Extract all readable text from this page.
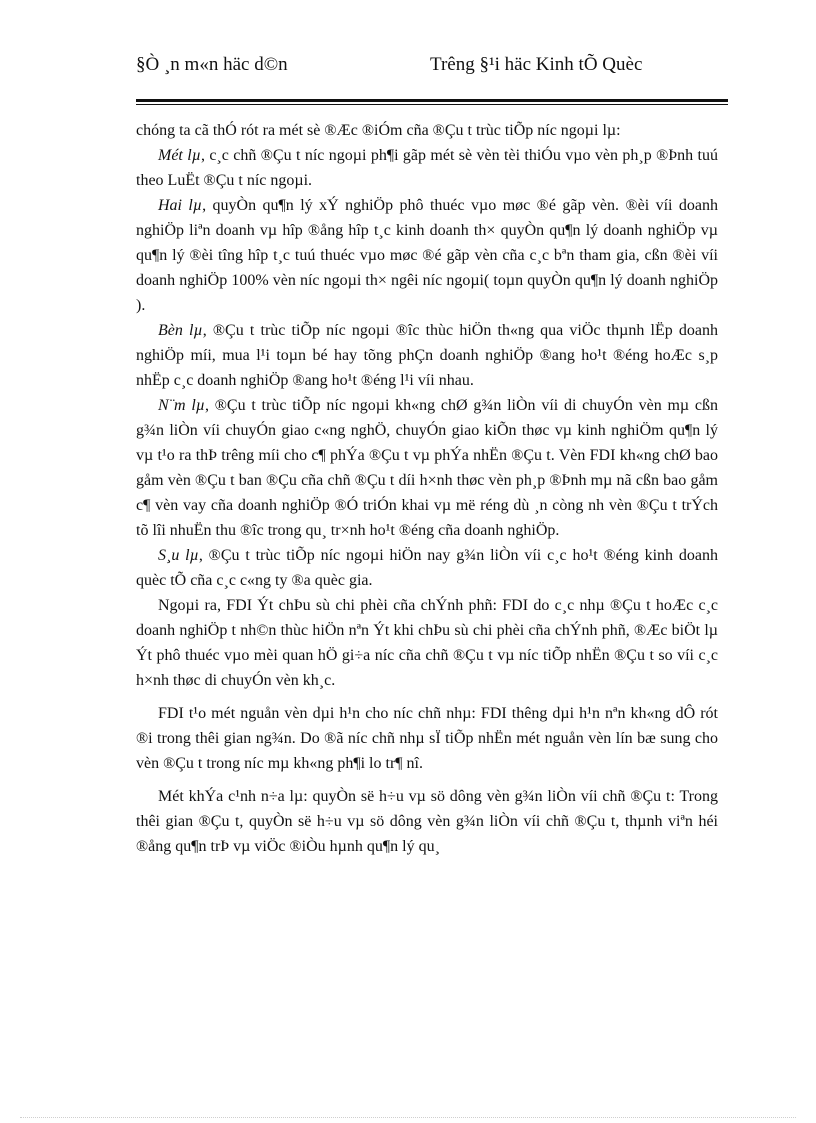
§Ò ¸n m«n häc d©n	Trêng §¹i häc Kinh tÕ Quèc

chóng ta cã thÓ rót ra mét sè ®Æc ®iÓm cña ®Çu t trùc tiÕp níc ngoµi lµ:

Mét lµ, c¸c chñ ®Çu t níc ngoµi ph¶i gãp mét sè vèn tèi thiÓu vµo vèn ph¸p ®Þnh tuú theo LuËt ®Çu t níc ngoµi.

Hai lµ, quyÒn qu¶n lý xÝ nghiÖp phô thuéc vµo møc ®é gãp vèn. ®èi víi doanh nghiÖp liªn doanh vµ hîp ®ång hîp t¸c kinh doanh th× quyÒn qu¶n lý doanh nghiÖp vµ qu¶n lý ®èi tîng hîp t¸c tuú thuéc vµo møc ®é gãp vèn cña c¸c bªn tham gia, cßn ®èi víi doanh nghiÖp 100% vèn níc ngoµi th× ngêi níc ngoµi( toµn quyÒn qu¶n lý doanh nghiÖp ).

Bèn lµ, ®Çu t trùc tiÕp níc ngoµi ®îc thùc hiÖn th«ng qua viÖc thµnh lËp doanh nghiÖp míi, mua l¹i toµn bé hay tõng phÇn doanh nghiÖp ®ang ho¹t ®éng hoÆc s¸p nhËp c¸c doanh nghiÖp ®ang ho¹t ®éng l¹i víi nhau.

N¨m lµ, ®Çu t trùc tiÕp níc ngoµi kh«ng chØ g¾n liÒn víi di chuyÓn vèn mµ cßn g¾n liÒn víi chuyÓn giao c«ng nghÖ, chuyÓn giao kiÕn thøc vµ kinh nghiÖm qu¶n lý vµ t¹o ra thÞ trêng míi cho c¶ phÝa ®Çu t vµ phÝa nhËn ®Çu t. Vèn FDI kh«ng chØ bao gåm vèn ®Çu t ban ®Çu cña chñ ®Çu t díi h×nh thøc vèn ph¸p ®Þnh mµ nã cßn bao gåm c¶ vèn vay cña doanh nghiÖp ®Ó triÓn khai vµ më réng dù ¸n còng nh vèn ®Çu t trÝch tõ lîi nhuËn thu ®îc trong qu¸ tr×nh ho¹t ®éng cña doanh nghiÖp.

S¸u lµ, ®Çu t trùc tiÕp níc ngoµi hiÖn nay g¾n liÒn víi c¸c ho¹t ®éng kinh doanh quèc tÕ cña c¸c c«ng ty ®a quèc gia.

Ngoµi ra, FDI Ýt chÞu sù chi phèi cña chÝnh phñ: FDI do c¸c nhµ ®Çu t hoÆc c¸c doanh nghiÖp t nh©n thùc hiÖn nªn Ýt khi chÞu sù chi phèi cña chÝnh phñ, ®Æc biÖt lµ Ýt phô thuéc vµo mèi quan hÖ gi÷a níc cña chñ ®Çu t vµ níc tiÕp nhËn ®Çu t so víi c¸c h×nh thøc di chuyÓn vèn kh¸c.

FDI t¹o mét nguån vèn dµi h¹n cho níc chñ nhµ: FDI thêng dµi h¹n nªn kh«ng dÔ rót ®i trong thêi gian ng¾n. Do ®ã níc chñ nhµ sÏ tiÕp nhËn mét nguån vèn lín bæ sung cho vèn ®Çu t trong níc mµ kh«ng ph¶i lo tr¶ nî.

Mét khÝa c¹nh n÷a lµ: quyÒn së h÷u vµ sö dông vèn g¾n liÒn víi chñ ®Çu t: Trong thêi gian ®Çu t, quyÒn së h÷u vµ sö dông vèn g¾n liÒn víi chñ ®Çu t, thµnh viªn héi ®ång qu¶n trÞ vµ viÖc ®iÒu hµnh qu¶n lý qu¸
